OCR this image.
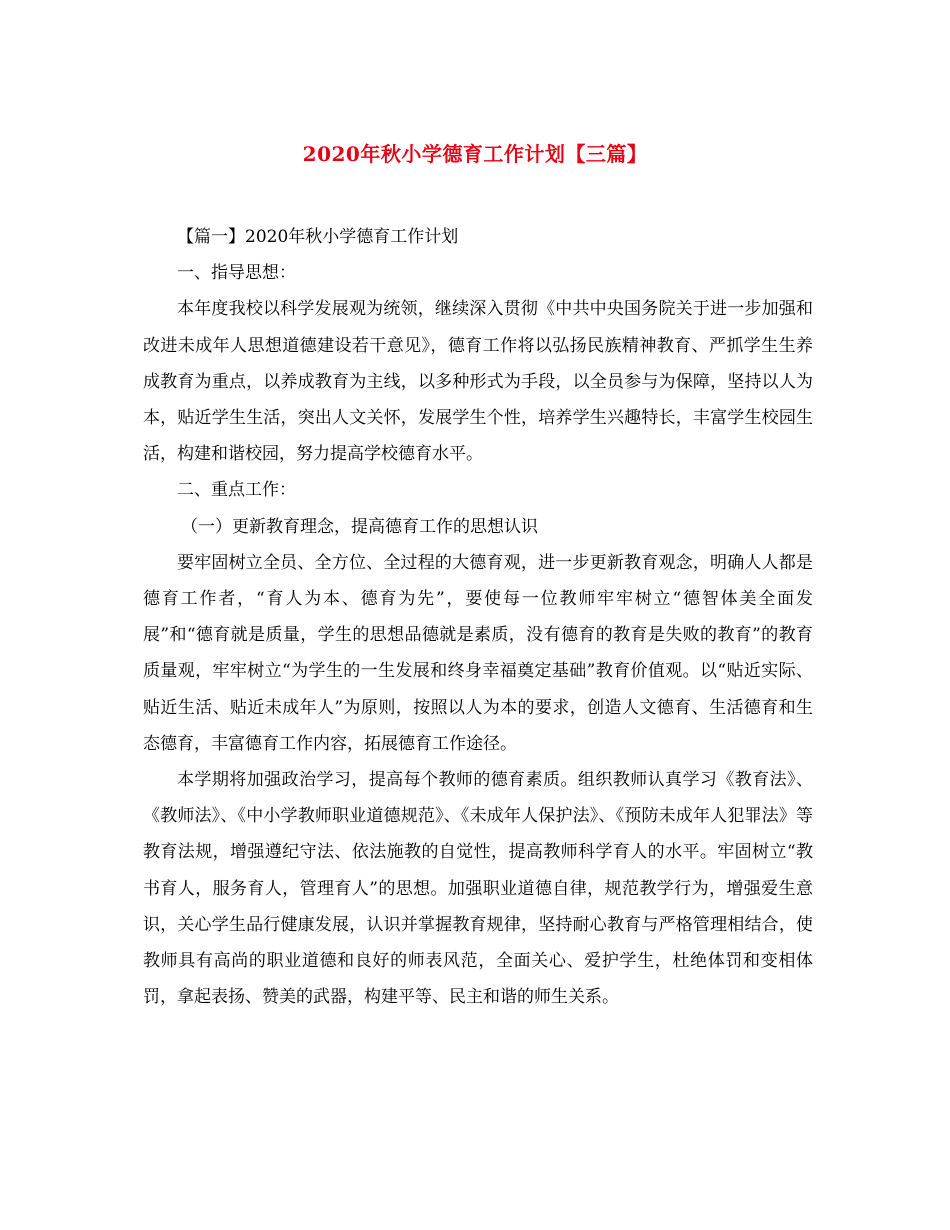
2020年秋小学德育工作计划【三篇】

【篇一】2020年秋小学德育工作计划

一、指导思想：

本年度我校以科学发展观为统领，继续深入贯彻《中共中央国务院关于进一步加强和改进未成年人思想道德建设若干意见》，德育工作将以弘扬民族精神教育、严抓学生生养成教育为重点，以养成教育为主线，以多种形式为手段，以全员参与为保障，坚持以人为本，贴近学生生活，突出人文关怀，发展学生个性，培养学生兴趣特长，丰富学生校园生活，构建和谐校园，努力提高学校德育水平。

二、重点工作：

（一）更新教育理念，提高德育工作的思想认识

要牢固树立全员、全方位、全过程的大德育观，进一步更新教育观念，明确人人都是德育工作者，“育人为本、德育为先”，要使每一位教师牢牢树立“德智体美全面发展”和“德育就是质量，学生的思想品德就是素质，没有德育的教育是失败的教育”的教育质量观，牢牢树立“为学生的一生发展和终身幸福奠定基础”教育价值观。以“贴近实际、贴近生活、贴近未成年人”为原则，按照以人为本的要求，创造人文德育、生活德育和生态德育，丰富德育工作内容，拓展德育工作途径。

本学期将加强政治学习，提高每个教师的德育素质。组织教师认真学习《教育法》、《教师法》、《中小学教师职业道德规范》、《未成年人保护法》、《预防未成年人犯罪法》等教育法规，增强遵纪守法、依法施教的自觉性，提高教师科学育人的水平。牢固树立“教书育人，服务育人，管理育人”的思想。加强职业道德自律，规范教学行为，增强爱生意识，关心学生品行健康发展，认识并掌握教育规律，坚持耐心教育与严格管理相结合，使教师具有高尚的职业道德和良好的师表风范，全面关心、爱护学生，杜绝体罚和变相体罚，拿起表扬、赞美的武器，构建平等、民主和谐的师生关系。
